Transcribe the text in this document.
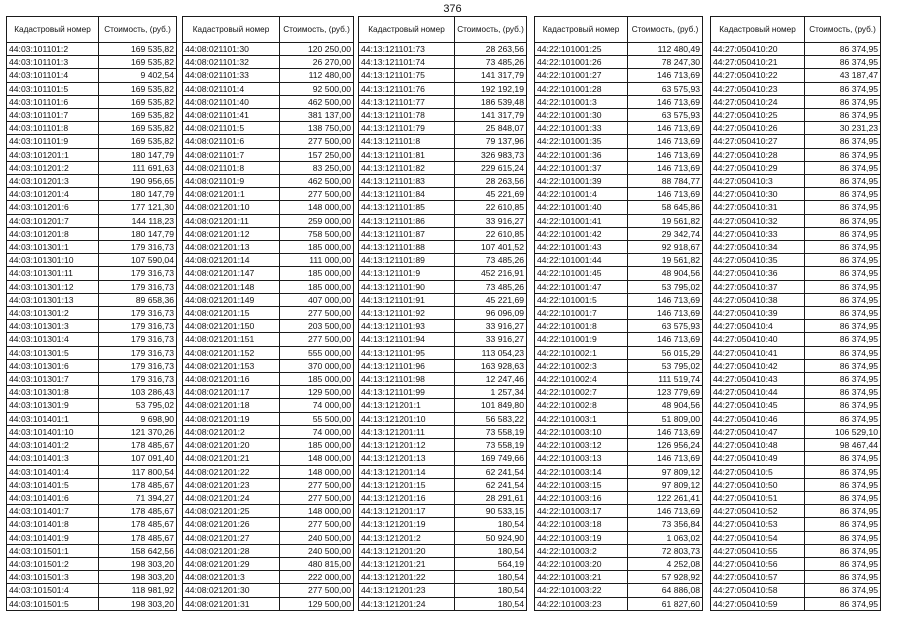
376
Кадастровый номер	Стоимость, (руб.)
44:03:101101:2	169 535,82
44:03:101101:3	169 535,82
44:03:101101:4	9 402,54
44:03:101101:5	169 535,82
44:03:101101:6	169 535,82
44:03:101101:7	169 535,82
44:03:101101:8	169 535,82
44:03:101101:9	169 535,82
44:03:101201:1	180 147,79
44:03:101201:2	111 691,63
44:03:101201:3	190 956,65
44:03:101201:4	180 147,79
44:03:101201:6	177 121,30
44:03:101201:7	144 118,23
44:03:101201:8	180 147,79
44:03:101301:1	179 316,73
44:03:101301:10	107 590,04
44:03:101301:11	179 316,73
44:03:101301:12	179 316,73
44:03:101301:13	89 658,36
44:03:101301:2	179 316,73
44:03:101301:3	179 316,73
44:03:101301:4	179 316,73
44:03:101301:5	179 316,73
44:03:101301:6	179 316,73
44:03:101301:7	179 316,73
44:03:101301:8	103 286,43
44:03:101301:9	53 795,02
44:03:101401:1	9 698,90
44:03:101401:10	121 370,26
44:03:101401:2	178 485,67
44:03:101401:3	107 091,40
44:03:101401:4	117 800,54
44:03:101401:5	178 485,67
44:03:101401:6	71 394,27
44:03:101401:7	178 485,67
44:03:101401:8	178 485,67
44:03:101401:9	178 485,67
44:03:101501:1	158 642,56
44:03:101501:2	198 303,20
44:03:101501:3	198 303,20
44:03:101501:4	118 981,92
44:03:101501:5	198 303,20
Кадастровый номер	Стоимость, (руб.)
44:08:021101:30	120 250,00
44:08:021101:32	26 270,00
44:08:021101:33	112 480,00
44:08:021101:4	92 500,00
44:08:021101:40	462 500,00
44:08:021101:41	381 137,00
44:08:021101:5	138 750,00
44:08:021101:6	277 500,00
44:08:021101:7	157 250,00
44:08:021101:8	83 250,00
44:08:021101:9	462 500,00
44:08:021201:1	277 500,00
44:08:021201:10	148 000,00
44:08:021201:11	259 000,00
44:08:021201:12	758 500,00
44:08:021201:13	185 000,00
44:08:021201:14	111 000,00
44:08:021201:147	185 000,00
44:08:021201:148	185 000,00
44:08:021201:149	407 000,00
44:08:021201:15	277 500,00
44:08:021201:150	203 500,00
44:08:021201:151	277 500,00
44:08:021201:152	555 000,00
44:08:021201:153	370 000,00
44:08:021201:16	185 000,00
44:08:021201:17	129 500,00
44:08:021201:18	74 000,00
44:08:021201:19	55 500,00
44:08:021201:2	74 000,00
44:08:021201:20	185 000,00
44:08:021201:21	148 000,00
44:08:021201:22	148 000,00
44:08:021201:23	277 500,00
44:08:021201:24	277 500,00
44:08:021201:25	148 000,00
44:08:021201:26	277 500,00
44:08:021201:27	240 500,00
44:08:021201:28	240 500,00
44:08:021201:29	480 815,00
44:08:021201:3	222 000,00
44:08:021201:30	277 500,00
44:08:021201:31	129 500,00
Кадастровый номер	Стоимость, (руб.)
44:13:121101:73	28 263,56
44:13:121101:74	73 485,26
44:13:121101:75	141 317,79
44:13:121101:76	192 192,19
44:13:121101:77	186 539,48
44:13:121101:78	141 317,79
44:13:121101:79	25 848,07
44:13:121101:8	79 137,96
44:13:121101:81	326 983,73
44:13:121101:82	229 615,24
44:13:121101:83	28 263,56
44:13:121101:84	45 221,69
44:13:121101:85	22 610,85
44:13:121101:86	33 916,27
44:13:121101:87	22 610,85
44:13:121101:88	107 401,52
44:13:121101:89	73 485,26
44:13:121101:9	452 216,91
44:13:121101:90	73 485,26
44:13:121101:91	45 221,69
44:13:121101:92	96 096,09
44:13:121101:93	33 916,27
44:13:121101:94	33 916,27
44:13:121101:95	113 054,23
44:13:121101:96	163 928,63
44:13:121101:98	12 247,46
44:13:121101:99	1 257,34
44:13:121201:1	101 849,80
44:13:121201:10	56 583,22
44:13:121201:11	73 558,19
44:13:121201:12	73 558,19
44:13:121201:13	169 749,66
44:13:121201:14	62 241,54
44:13:121201:15	62 241,54
44:13:121201:16	28 291,61
44:13:121201:17	90 533,15
44:13:121201:19	180,54
44:13:121201:2	50 924,90
44:13:121201:20	180,54
44:13:121201:21	564,19
44:13:121201:22	180,54
44:13:121201:23	180,54
44:13:121201:24	180,54
Кадастровый номер	Стоимость, (руб.)
44:22:101001:25	112 480,49
44:22:101001:26	78 247,30
44:22:101001:27	146 713,69
44:22:101001:28	63 575,93
44:22:101001:3	146 713,69
44:22:101001:30	63 575,93
44:22:101001:33	146 713,69
44:22:101001:35	146 713,69
44:22:101001:36	146 713,69
44:22:101001:37	146 713,69
44:22:101001:39	88 784,77
44:22:101001:4	146 713,69
44:22:101001:40	58 645,86
44:22:101001:41	19 561,82
44:22:101001:42	29 342,74
44:22:101001:43	92 918,67
44:22:101001:44	19 561,82
44:22:101001:45	48 904,56
44:22:101001:47	53 795,02
44:22:101001:5	146 713,69
44:22:101001:7	146 713,69
44:22:101001:8	63 575,93
44:22:101001:9	146 713,69
44:22:101002:1	56 015,29
44:22:101002:3	53 795,02
44:22:101002:4	111 519,74
44:22:101002:7	123 779,69
44:22:101002:8	48 904,56
44:22:101003:1	51 809,00
44:22:101003:10	146 713,69
44:22:101003:12	126 956,24
44:22:101003:13	146 713,69
44:22:101003:14	97 809,12
44:22:101003:15	97 809,12
44:22:101003:16	122 261,41
44:22:101003:17	146 713,69
44:22:101003:18	73 356,84
44:22:101003:19	1 063,02
44:22:101003:2	72 803,73
44:22:101003:20	4 252,08
44:22:101003:21	57 928,92
44:22:101003:22	64 886,08
44:22:101003:23	61 827,60
Кадастровый номер	Стоимость, (руб.)
44:27:050410:20	86 374,95
44:27:050410:21	86 374,95
44:27:050410:22	43 187,47
44:27:050410:23	86 374,95
44:27:050410:24	86 374,95
44:27:050410:25	86 374,95
44:27:050410:26	30 231,23
44:27:050410:27	86 374,95
44:27:050410:28	86 374,95
44:27:050410:29	86 374,95
44:27:050410:3	86 374,95
44:27:050410:30	86 374,95
44:27:050410:31	86 374,95
44:27:050410:32	86 374,95
44:27:050410:33	86 374,95
44:27:050410:34	86 374,95
44:27:050410:35	86 374,95
44:27:050410:36	86 374,95
44:27:050410:37	86 374,95
44:27:050410:38	86 374,95
44:27:050410:39	86 374,95
44:27:050410:4	86 374,95
44:27:050410:40	86 374,95
44:27:050410:41	86 374,95
44:27:050410:42	86 374,95
44:27:050410:43	86 374,95
44:27:050410:44	86 374,95
44:27:050410:45	86 374,95
44:27:050410:46	86 374,95
44:27:050410:47	106 529,10
44:27:050410:48	98 467,44
44:27:050410:49	86 374,95
44:27:050410:5	86 374,95
44:27:050410:50	86 374,95
44:27:050410:51	86 374,95
44:27:050410:52	86 374,95
44:27:050410:53	86 374,95
44:27:050410:54	86 374,95
44:27:050410:55	86 374,95
44:27:050410:56	86 374,95
44:27:050410:57	86 374,95
44:27:050410:58	86 374,95
44:27:050410:59	86 374,95
